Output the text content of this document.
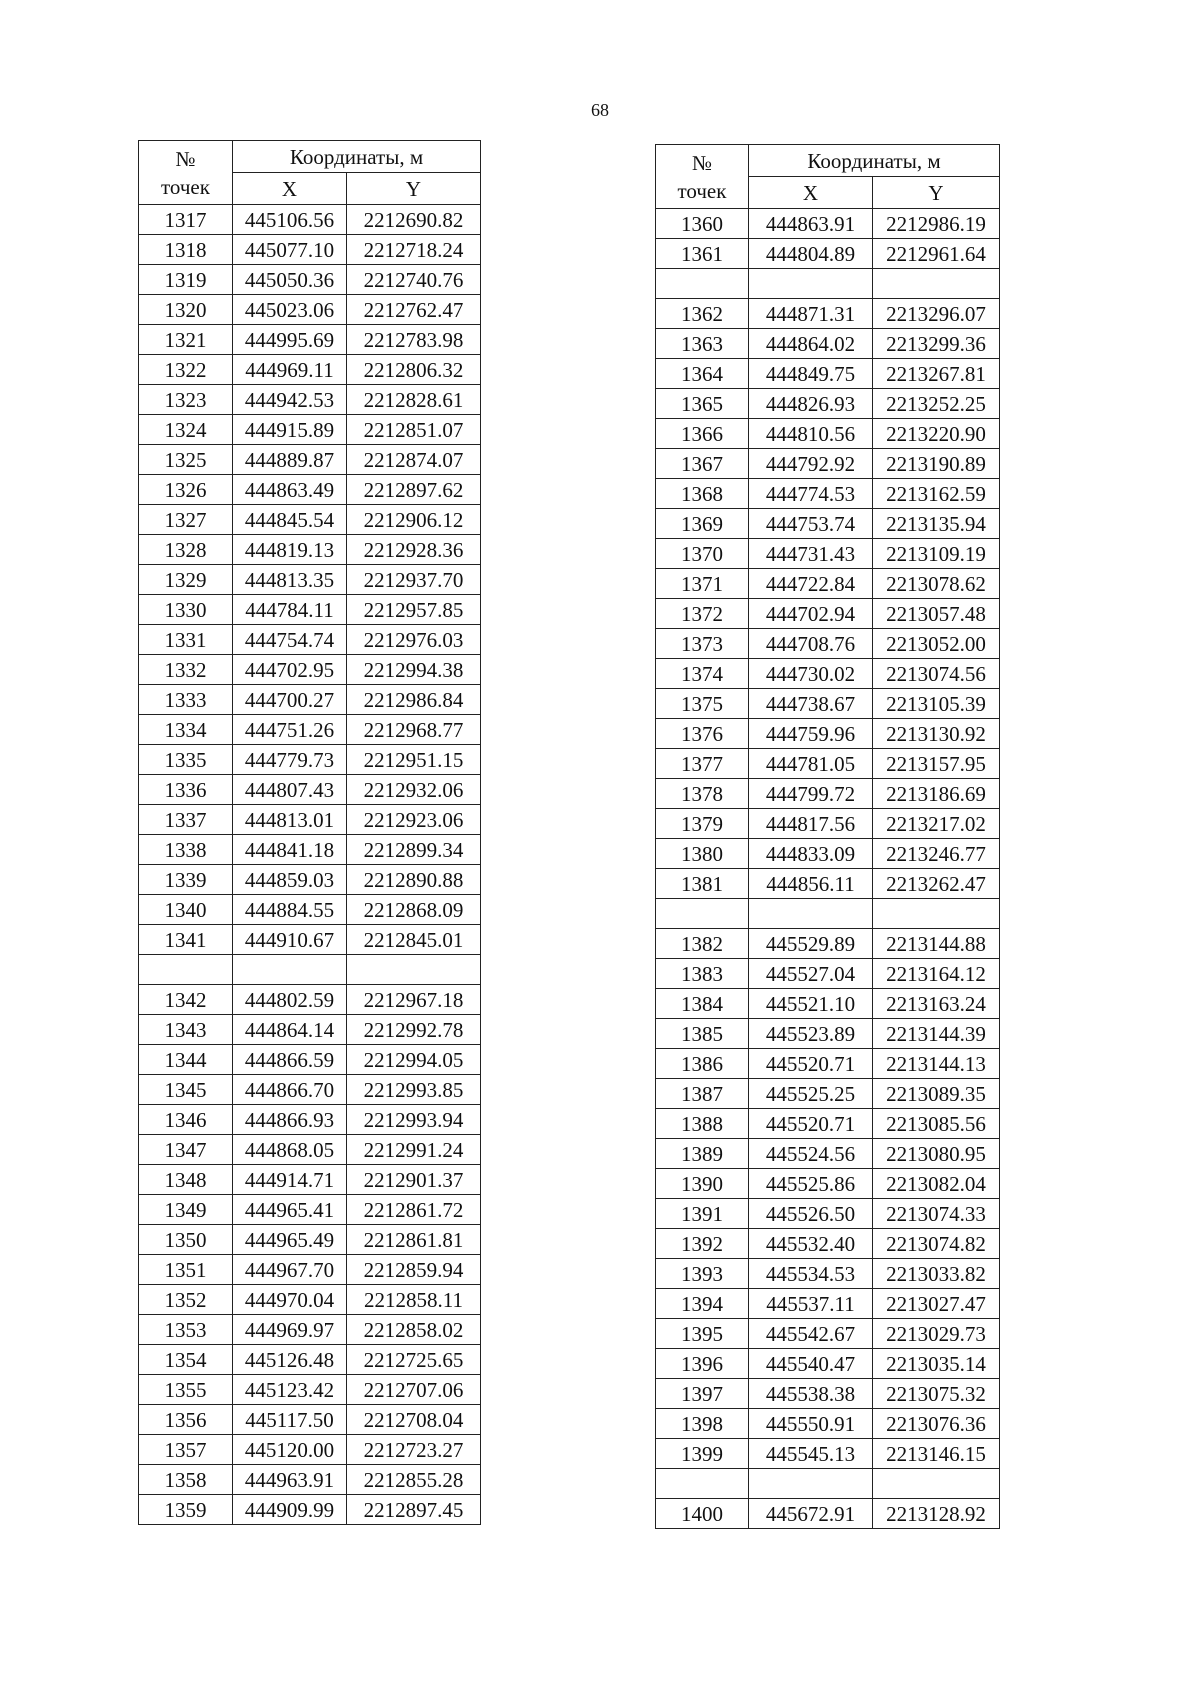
68
№
точек	Координаты, м	
	X	Y
1317	445106.56	2212690.82
1318	445077.10	2212718.24
1319	445050.36	2212740.76
1320	445023.06	2212762.47
1321	444995.69	2212783.98
1322	444969.11	2212806.32
1323	444942.53	2212828.61
1324	444915.89	2212851.07
1325	444889.87	2212874.07
1326	444863.49	2212897.62
1327	444845.54	2212906.12
1328	444819.13	2212928.36
1329	444813.35	2212937.70
1330	444784.11	2212957.85
1331	444754.74	2212976.03
1332	444702.95	2212994.38
1333	444700.27	2212986.84
1334	444751.26	2212968.77
1335	444779.73	2212951.15
1336	444807.43	2212932.06
1337	444813.01	2212923.06
1338	444841.18	2212899.34
1339	444859.03	2212890.88
1340	444884.55	2212868.09
1341	444910.67	2212845.01

1342	444802.59	2212967.18
1343	444864.14	2212992.78
1344	444866.59	2212994.05
1345	444866.70	2212993.85
1346	444866.93	2212993.94
1347	444868.05	2212991.24
1348	444914.71	2212901.37
1349	444965.41	2212861.72
1350	444965.49	2212861.81
1351	444967.70	2212859.94
1352	444970.04	2212858.11
1353	444969.97	2212858.02
1354	445126.48	2212725.65
1355	445123.42	2212707.06
1356	445117.50	2212708.04
1357	445120.00	2212723.27
1358	444963.91	2212855.28
1359	444909.99	2212897.45
№
точек	Координаты, м	
	X	Y
1360	444863.91	2212986.19
1361	444804.89	2212961.64

1362	444871.31	2213296.07
1363	444864.02	2213299.36
1364	444849.75	2213267.81
1365	444826.93	2213252.25
1366	444810.56	2213220.90
1367	444792.92	2213190.89
1368	444774.53	2213162.59
1369	444753.74	2213135.94
1370	444731.43	2213109.19
1371	444722.84	2213078.62
1372	444702.94	2213057.48
1373	444708.76	2213052.00
1374	444730.02	2213074.56
1375	444738.67	2213105.39
1376	444759.96	2213130.92
1377	444781.05	2213157.95
1378	444799.72	2213186.69
1379	444817.56	2213217.02
1380	444833.09	2213246.77
1381	444856.11	2213262.47

1382	445529.89	2213144.88
1383	445527.04	2213164.12
1384	445521.10	2213163.24
1385	445523.89	2213144.39
1386	445520.71	2213144.13
1387	445525.25	2213089.35
1388	445520.71	2213085.56
1389	445524.56	2213080.95
1390	445525.86	2213082.04
1391	445526.50	2213074.33
1392	445532.40	2213074.82
1393	445534.53	2213033.82
1394	445537.11	2213027.47
1395	445542.67	2213029.73
1396	445540.47	2213035.14
1397	445538.38	2213075.32
1398	445550.91	2213076.36
1399	445545.13	2213146.15

1400	445672.91	2213128.92
